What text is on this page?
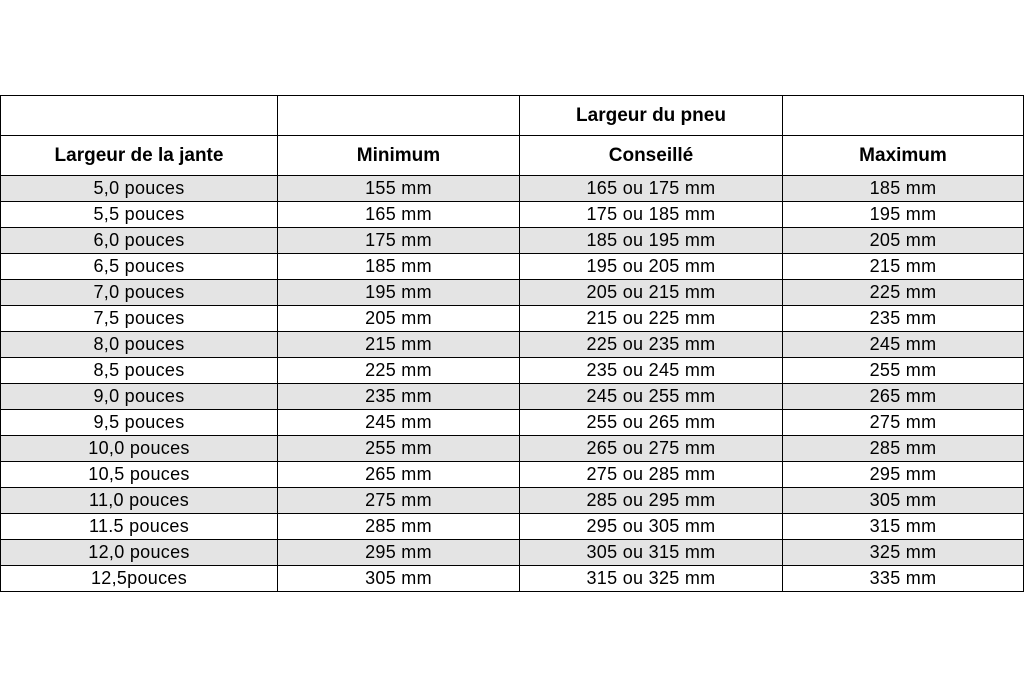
		Largeur du pneu	
Largeur de la jante	Minimum	Conseillé	Maximum
5,0 pouces	155 mm	165 ou 175 mm	185 mm
5,5 pouces	165 mm	175 ou 185 mm	195 mm
6,0 pouces	175 mm	185 ou 195 mm	205 mm
6,5 pouces	185 mm	195 ou 205 mm	215 mm
7,0 pouces	195 mm	205 ou 215 mm	225 mm
7,5 pouces	205 mm	215 ou 225 mm	235 mm
8,0 pouces	215 mm	225 ou 235 mm	245 mm
8,5 pouces	225 mm	235 ou 245 mm	255 mm
9,0 pouces	235 mm	245 ou 255 mm	265 mm
9,5 pouces	245 mm	255 ou 265 mm	275 mm
10,0 pouces	255 mm	265 ou 275 mm	285 mm
10,5 pouces	265 mm	275 ou 285 mm	295 mm
11,0 pouces	275 mm	285 ou 295 mm	305 mm
11.5 pouces	285 mm	295 ou 305 mm	315 mm
12,0 pouces	295 mm	305 ou 315 mm	325 mm
12,5pouces	305 mm	315 ou 325 mm	335 mm
